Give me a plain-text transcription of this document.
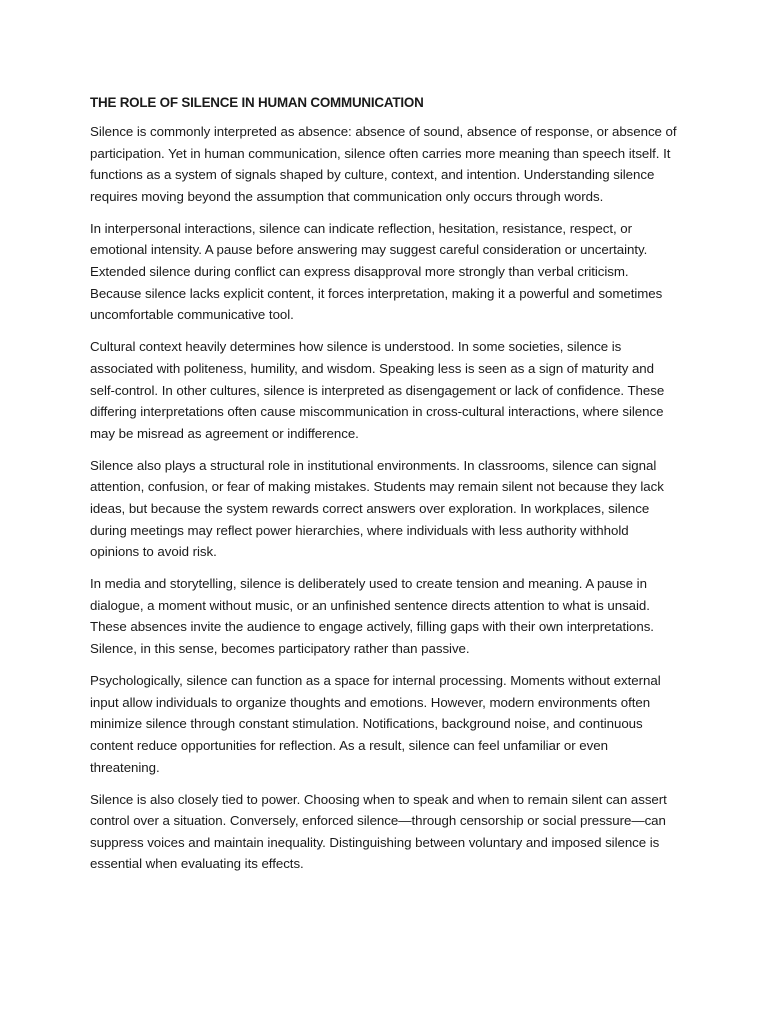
THE ROLE OF SILENCE IN HUMAN COMMUNICATION

Silence is commonly interpreted as absence: absence of sound, absence of response, or absence of participation. Yet in human communication, silence often carries more meaning than speech itself. It functions as a system of signals shaped by culture, context, and intention. Understanding silence requires moving beyond the assumption that communication only occurs through words.

In interpersonal interactions, silence can indicate reflection, hesitation, resistance, respect, or emotional intensity. A pause before answering may suggest careful consideration or uncertainty. Extended silence during conflict can express disapproval more strongly than verbal criticism. Because silence lacks explicit content, it forces interpretation, making it a powerful and sometimes uncomfortable communicative tool.

Cultural context heavily determines how silence is understood. In some societies, silence is associated with politeness, humility, and wisdom. Speaking less is seen as a sign of maturity and self-control. In other cultures, silence is interpreted as disengagement or lack of confidence. These differing interpretations often cause miscommunication in cross-cultural interactions, where silence may be misread as agreement or indifference.

Silence also plays a structural role in institutional environments. In classrooms, silence can signal attention, confusion, or fear of making mistakes. Students may remain silent not because they lack ideas, but because the system rewards correct answers over exploration. In workplaces, silence during meetings may reflect power hierarchies, where individuals with less authority withhold opinions to avoid risk.

In media and storytelling, silence is deliberately used to create tension and meaning. A pause in dialogue, a moment without music, or an unfinished sentence directs attention to what is unsaid. These absences invite the audience to engage actively, filling gaps with their own interpretations. Silence, in this sense, becomes participatory rather than passive.

Psychologically, silence can function as a space for internal processing. Moments without external input allow individuals to organize thoughts and emotions. However, modern environments often minimize silence through constant stimulation. Notifications, background noise, and continuous content reduce opportunities for reflection. As a result, silence can feel unfamiliar or even threatening.

Silence is also closely tied to power. Choosing when to speak and when to remain silent can assert control over a situation. Conversely, enforced silence—through censorship or social pressure—can suppress voices and maintain inequality. Distinguishing between voluntary and imposed silence is essential when evaluating its effects.
